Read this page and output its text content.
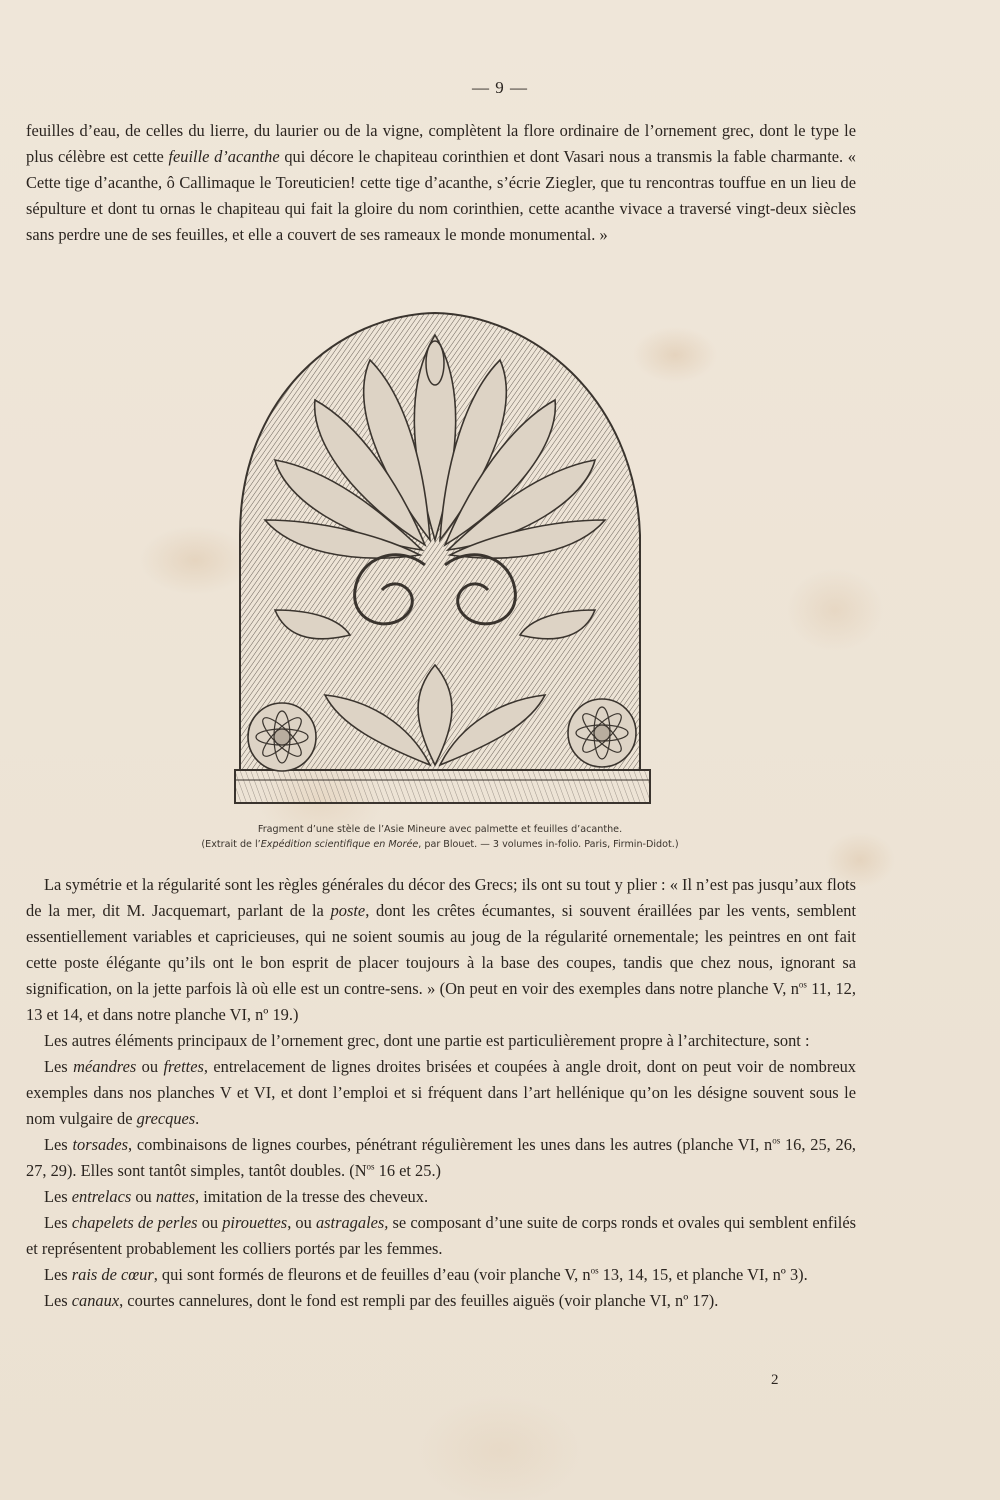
— 9 —

feuilles d’eau, de celles du lierre, du laurier ou de la vigne, complètent la flore ordinaire de l’ornement grec, dont le type le plus célèbre est cette feuille d’acanthe qui décore le chapiteau corinthien et dont Vasari nous a transmis la fable charmante. « Cette tige d’acanthe, ô Callimaque le Toreuticien! cette tige d’acanthe, s’écrie Ziegler, que tu rencontras touffue en un lieu de sépulture et dont tu ornas le chapiteau qui fait la gloire du nom corinthien, cette acanthe vivace a traversé vingt-deux siècles sans perdre une de ses feuilles, et elle a couvert de ses rameaux le monde monumental. »

Fragment d’une stèle de l’Asie Mineure avec palmette et feuilles d’acanthe.
(Extrait de l’Expédition scientifique en Morée, par Blouet. — 3 volumes in-folio. Paris, Firmin-Didot.)

La symétrie et la régularité sont les règles générales du décor des Grecs; ils ont su tout y plier : « Il n’est pas jusqu’aux flots de la mer, dit M. Jacquemart, parlant de la poste, dont les crêtes écumantes, si souvent éraillées par les vents, semblent essentiellement variables et capricieuses, qui ne soient soumis au joug de la régularité ornementale; les peintres en ont fait cette poste élégante qu’ils ont le bon esprit de placer toujours à la base des coupes, tandis que chez nous, ignorant sa signification, on la jette parfois là où elle est un contre-sens. » (On peut en voir des exemples dans notre planche V, $n^{os}$ 11, 12, 13 et 14, et dans notre planche VI, nº 19.)

Les autres éléments principaux de l’ornement grec, dont une partie est particulièrement propre à l’architecture, sont :

Les méandres ou frettes, entrelacement de lignes droites brisées et coupées à angle droit, dont on peut voir de nombreux exemples dans nos planches V et VI, et dont l’emploi et si fréquent dans l’art hellénique qu’on les désigne souvent sous le nom vulgaire de grecques.

Les torsades, combinaisons de lignes courbes, pénétrant régulièrement les unes dans les autres (planche VI, $n^{os}$ 16, 25, 26, 27, 29). Elles sont tantôt simples, tantôt doubles. ($N^{os}$ 16 et 25.)

Les entrelacs ou nattes, imitation de la tresse des cheveux.

Les chapelets de perles ou pirouettes, ou astragales, se composant d’une suite de corps ronds et ovales qui semblent enfilés et représentent probablement les colliers portés par les femmes.

Les rais de cœur, qui sont formés de fleurons et de feuilles d’eau (voir planche V, $n^{os}$ 13, 14, 15, et planche VI, nº 3).

Les canaux, courtes cannelures, dont le fond est rempli par des feuilles aiguës (voir planche VI, nº 17).

2
